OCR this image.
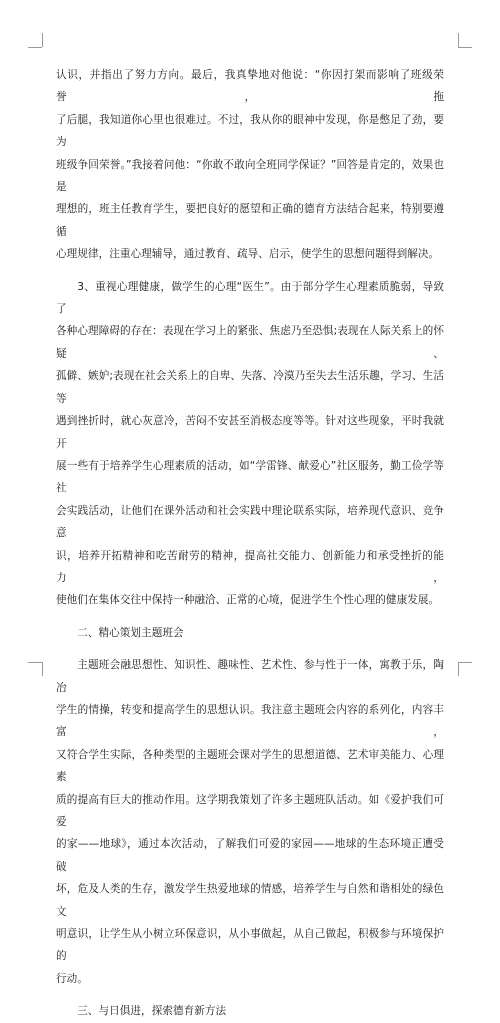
认识，并指出了努力方向。最后，我真挚地对他说：“你因打架而影响了班级荣誉，拖

了后腿，我知道你心里也很难过。不过，我从你的眼神中发现，你是憋足了劲，要为

班级争回荣誉。”我接着问他：“你敢不敢向全班同学保证？”回答是肯定的，效果也是

理想的，班主任教育学生，要把良好的愿望和正确的德育方法结合起来，特别要遵循

心理规律，注重心理辅导，通过教育、疏导、启示，使学生的思想问题得到解决。

3、重视心理健康，做学生的心理“医生”。由于部分学生心理素质脆弱，导致了

各种心理障碍的存在：表现在学习上的紧张、焦虑乃至恐惧;表现在人际关系上的怀疑、

孤僻、嫉妒;表现在社会关系上的自卑、失落、冷漠乃至失去生活乐趣，学习、生活等

遇到挫折时，就心灰意冷，苦闷不安甚至消极态度等等。针对这些现象，平时我就开

展一些有于培养学生心理素质的活动，如“学雷锋、献爱心”社区服务，勤工俭学等社

会实践活动，让他们在课外活动和社会实践中理论联系实际，培养现代意识、竞争意

识，培养开拓精神和吃苦耐劳的精神，提高社交能力、创新能力和承受挫折的能力，

使他们在集体交往中保持一种融洽、正常的心境，促进学生个性心理的健康发展。

二、精心策划主题班会

主题班会融思想性、知识性、趣味性、艺术性、参与性于一体，寓教于乐，陶冶

学生的情操，转变和提高学生的思想认识。我注意主题班会内容的系列化，内容丰富，

又符合学生实际，各种类型的主题班会课对学生的思想道德、艺术审美能力、心理素

质的提高有巨大的推动作用。这学期我策划了许多主题班队活动。如《爱护我们可爱

的家——地球》，通过本次活动，了解我们可爱的家园——地球的生态环境正遭受破

坏，危及人类的生存，激发学生热爱地球的情感，培养学生与自然和谐相处的绿色文

明意识，让学生从小树立环保意识，从小事做起，从自己做起，积极参与环境保护的

行动。

三、与日俱进，探索德育新方法
